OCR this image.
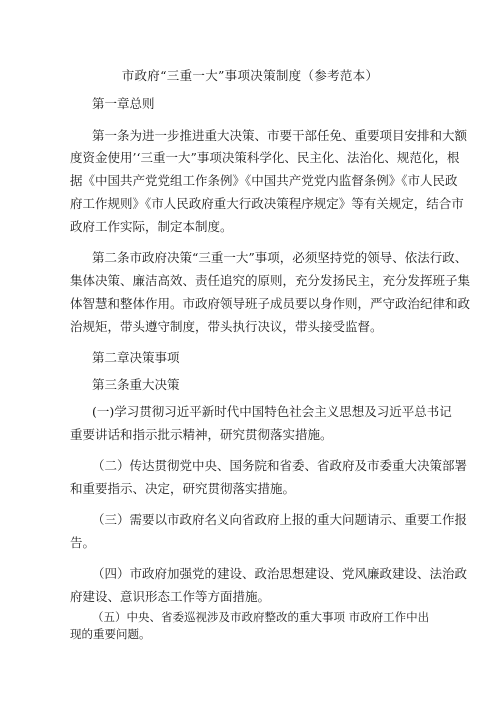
市政府“三重一大”事项决策制度（参考范本）
第一章总则
第一条为进一步推进重大决策、市要干部任免、重要项目安排和大额
度资金使用’‘三重一大”事项决策科学化、民主化、法治化、规范化，根
据《中国共产党党组工作条例》《中国共产党党内监督条例》《市人民政
府工作规则》《市人民政府重大行政决策程序规定》等有关规定，结合市
政府工作实际，制定本制度。
第二条市政府决策“三重一大”事项，必须坚持党的领导、依法行政、
集体决策、廉洁高效、责任追究的原则，充分发扬民主，充分发挥班子集
体智慧和整体作用。市政府领导班子成员要以身作则，严守政治纪律和政
治规矩，带头遵守制度，带头执行决议，带头接受监督。
第二章决策事项
第三条重大决策
(一)学习贯彻习近平新时代中国特色社会主义思想及习近平总书记
重要讲话和指示批示精神，研究贯彻落实措施。
（二）传达贯彻党中央、国务院和省委、省政府及市委重大决策部署
和重要指示、决定，研究贯彻落实措施。
（三）需要以市政府名义向省政府上报的重大问题请示、重要工作报
告。
（四）市政府加强党的建设、政治思想建设、党风廉政建设、法治政
府建设、意识形态工作等方面措施。
（五）中央、省委巡视涉及市政府整改的重大事项 市政府工作中出
现的重要问题。
